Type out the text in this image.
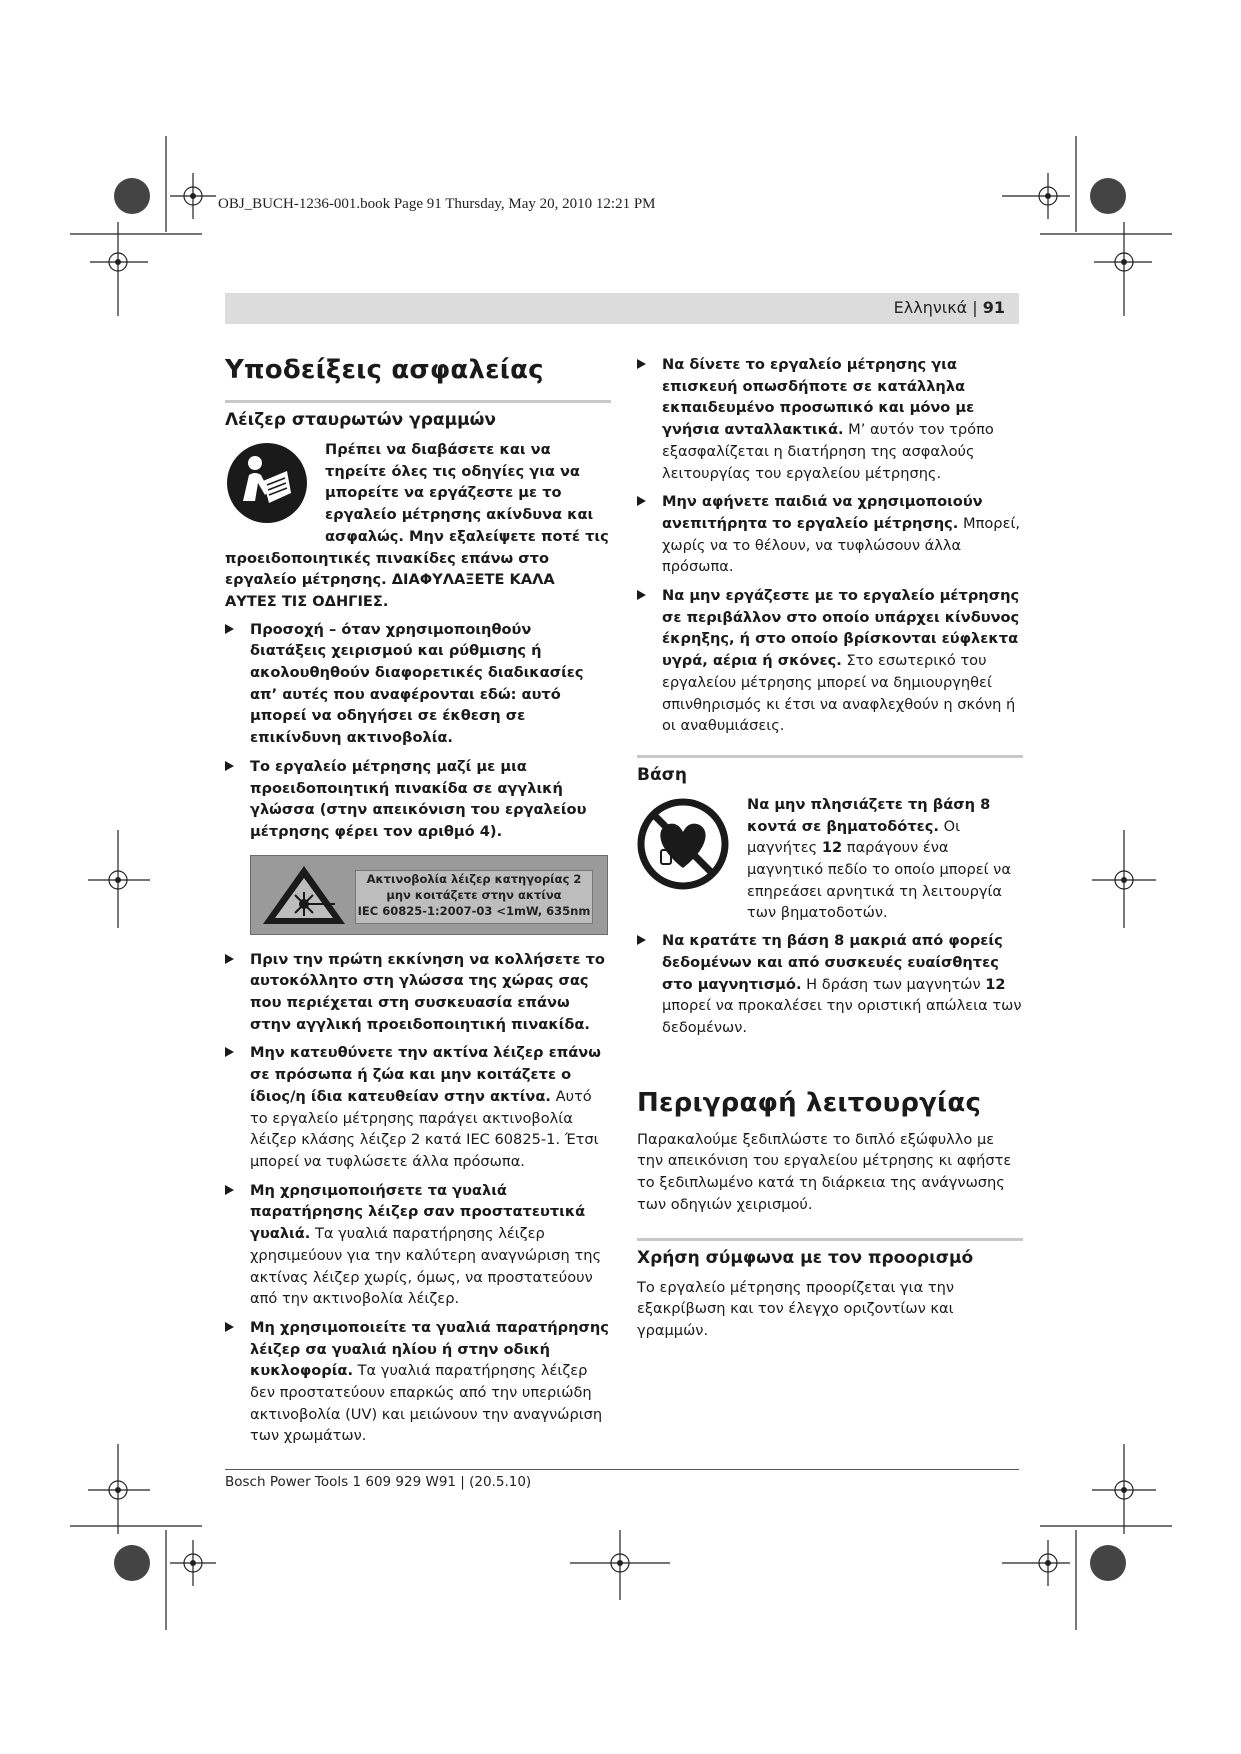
OBJ_BUCH-1236-001.book Page 91 Thursday, May 20, 2010 12:21 PM
Ελληνικά | 91
Υποδείξεις ασφαλείας
Λέιζερ σταυρωτών γραμμών

Πρέπει να διαβάσετε και να τηρείτε όλες τις οδηγίες για να μπορείτε να εργάζεστε με το εργαλείο μέτρησης ακίνδυνα και ασφαλώς. Μην εξαλείψετε ποτέ τις προειδοποιητικές πινακίδες επάνω στο εργαλείο μέτρησης. ΔΙΑΦΥΛΑΞΕΤΕ ΚΑΛΑ ΑΥΤΕΣ ΤΙΣ ΟΔΗΓΙΕΣ.

Προσοχή – όταν χρησιμοποιηθούν διατάξεις χειρισμού και ρύθμισης ή ακολουθηθούν διαφορετικές διαδικασίες απ’ αυτές που αναφέρονται εδώ: αυτό μπορεί να οδηγήσει σε έκθεση σε επικίνδυνη ακτινοβολία.
Το εργαλείο μέτρησης μαζί με μια προειδοποιητική πινακίδα σε αγγλική γλώσσα (στην απεικόνιση του εργαλείου μέτρησης φέρει τον αριθμό 4).
Ακτινοβολία λέιζερ κατηγορίας 2
μην κοιτάζετε στην ακτίνα
IEC 60825-1:2007-03 <1mW, 635nm
Πριν την πρώτη εκκίνηση να κολλήσετε το αυτοκόλλητο στη γλώσσα της χώρας σας που περιέχεται στη συσκευασία επάνω στην αγγλική προειδοποιητική πινακίδα.
Μην κατευθύνετε την ακτίνα λέιζερ επάνω σε πρόσωπα ή ζώα και μην κοιτάζετε ο ίδιος/η ίδια κατευθείαν στην ακτίνα. Αυτό το εργαλείο μέτρησης παράγει ακτινοβολία λέιζερ κλάσης λέιζερ 2 κατά IEC 60825-1. Έτσι μπορεί να τυφλώσετε άλλα πρόσωπα.
Μη χρησιμοποιήσετε τα γυαλιά παρατήρησης λέιζερ σαν προστατευτικά γυαλιά. Τα γυαλιά παρατήρησης λέιζερ χρησιμεύουν για την καλύτερη αναγνώριση της ακτίνας λέιζερ χωρίς, όμως, να προστατεύουν από την ακτινοβολία λέιζερ.
Μη χρησιμοποιείτε τα γυαλιά παρατήρησης λέιζερ σα γυαλιά ηλίου ή στην οδική κυκλοφορία. Τα γυαλιά παρατήρησης λέιζερ δεν προστατεύουν επαρκώς από την υπεριώδη ακτινοβολία (UV) και μειώνουν την αναγνώριση των χρωμάτων.
Να δίνετε το εργαλείο μέτρησης για επισκευή οπωσδήποτε σε κατάλληλα εκπαιδευμένο προσωπικό και μόνο με γνήσια ανταλλακτικά. Μ’ αυτόν τον τρόπο εξασφαλίζεται η διατήρηση της ασφαλούς λειτουργίας του εργαλείου μέτρησης.
Μην αφήνετε παιδιά να χρησιμοποιούν ανεπιτήρητα το εργαλείο μέτρησης. Μπορεί, χωρίς να το θέλουν, να τυφλώσουν άλλα πρόσωπα.
Να μην εργάζεστε με το εργαλείο μέτρησης σε περιβάλλον στο οποίο υπάρχει κίνδυνος έκρηξης, ή στο οποίο βρίσκονται εύφλεκτα υγρά, αέρια ή σκόνες. Στο εσωτερικό του εργαλείου μέτρησης μπορεί να δημιουργηθεί σπινθηρισμός κι έτσι να αναφλεχθούν η σκόνη ή οι αναθυμιάσεις.
Βάση

Να μην πλησιάζετε τη βάση 8 κοντά σε βηματοδότες. Οι μαγνήτες 12 παράγουν ένα μαγνητικό πεδίο το οποίο μπορεί να επηρεάσει αρνητικά τη λειτουργία των βηματοδοτών.

Να κρατάτε τη βάση 8 μακριά από φορείς δεδομένων και από συσκευές ευαίσθητες στο μαγνητισμό. Η δράση των μαγνητών 12 μπορεί να προκαλέσει την οριστική απώλεια των δεδομένων.
Περιγραφή λειτουργίας

Παρακαλούμε ξεδιπλώστε το διπλό εξώφυλλο με την απεικόνιση του εργαλείου μέτρησης κι αφήστε το ξεδιπλωμένο κατά τη διάρκεια της ανάγνωσης των οδηγιών χειρισμού.

Χρήση σύμφωνα με τον προορισμό

Το εργαλείο μέτρησης προορίζεται για την εξακρίβωση και τον έλεγχο οριζοντίων και γραμμών.

Bosch Power Tools 1 609 929 W91 | (20.5.10)
